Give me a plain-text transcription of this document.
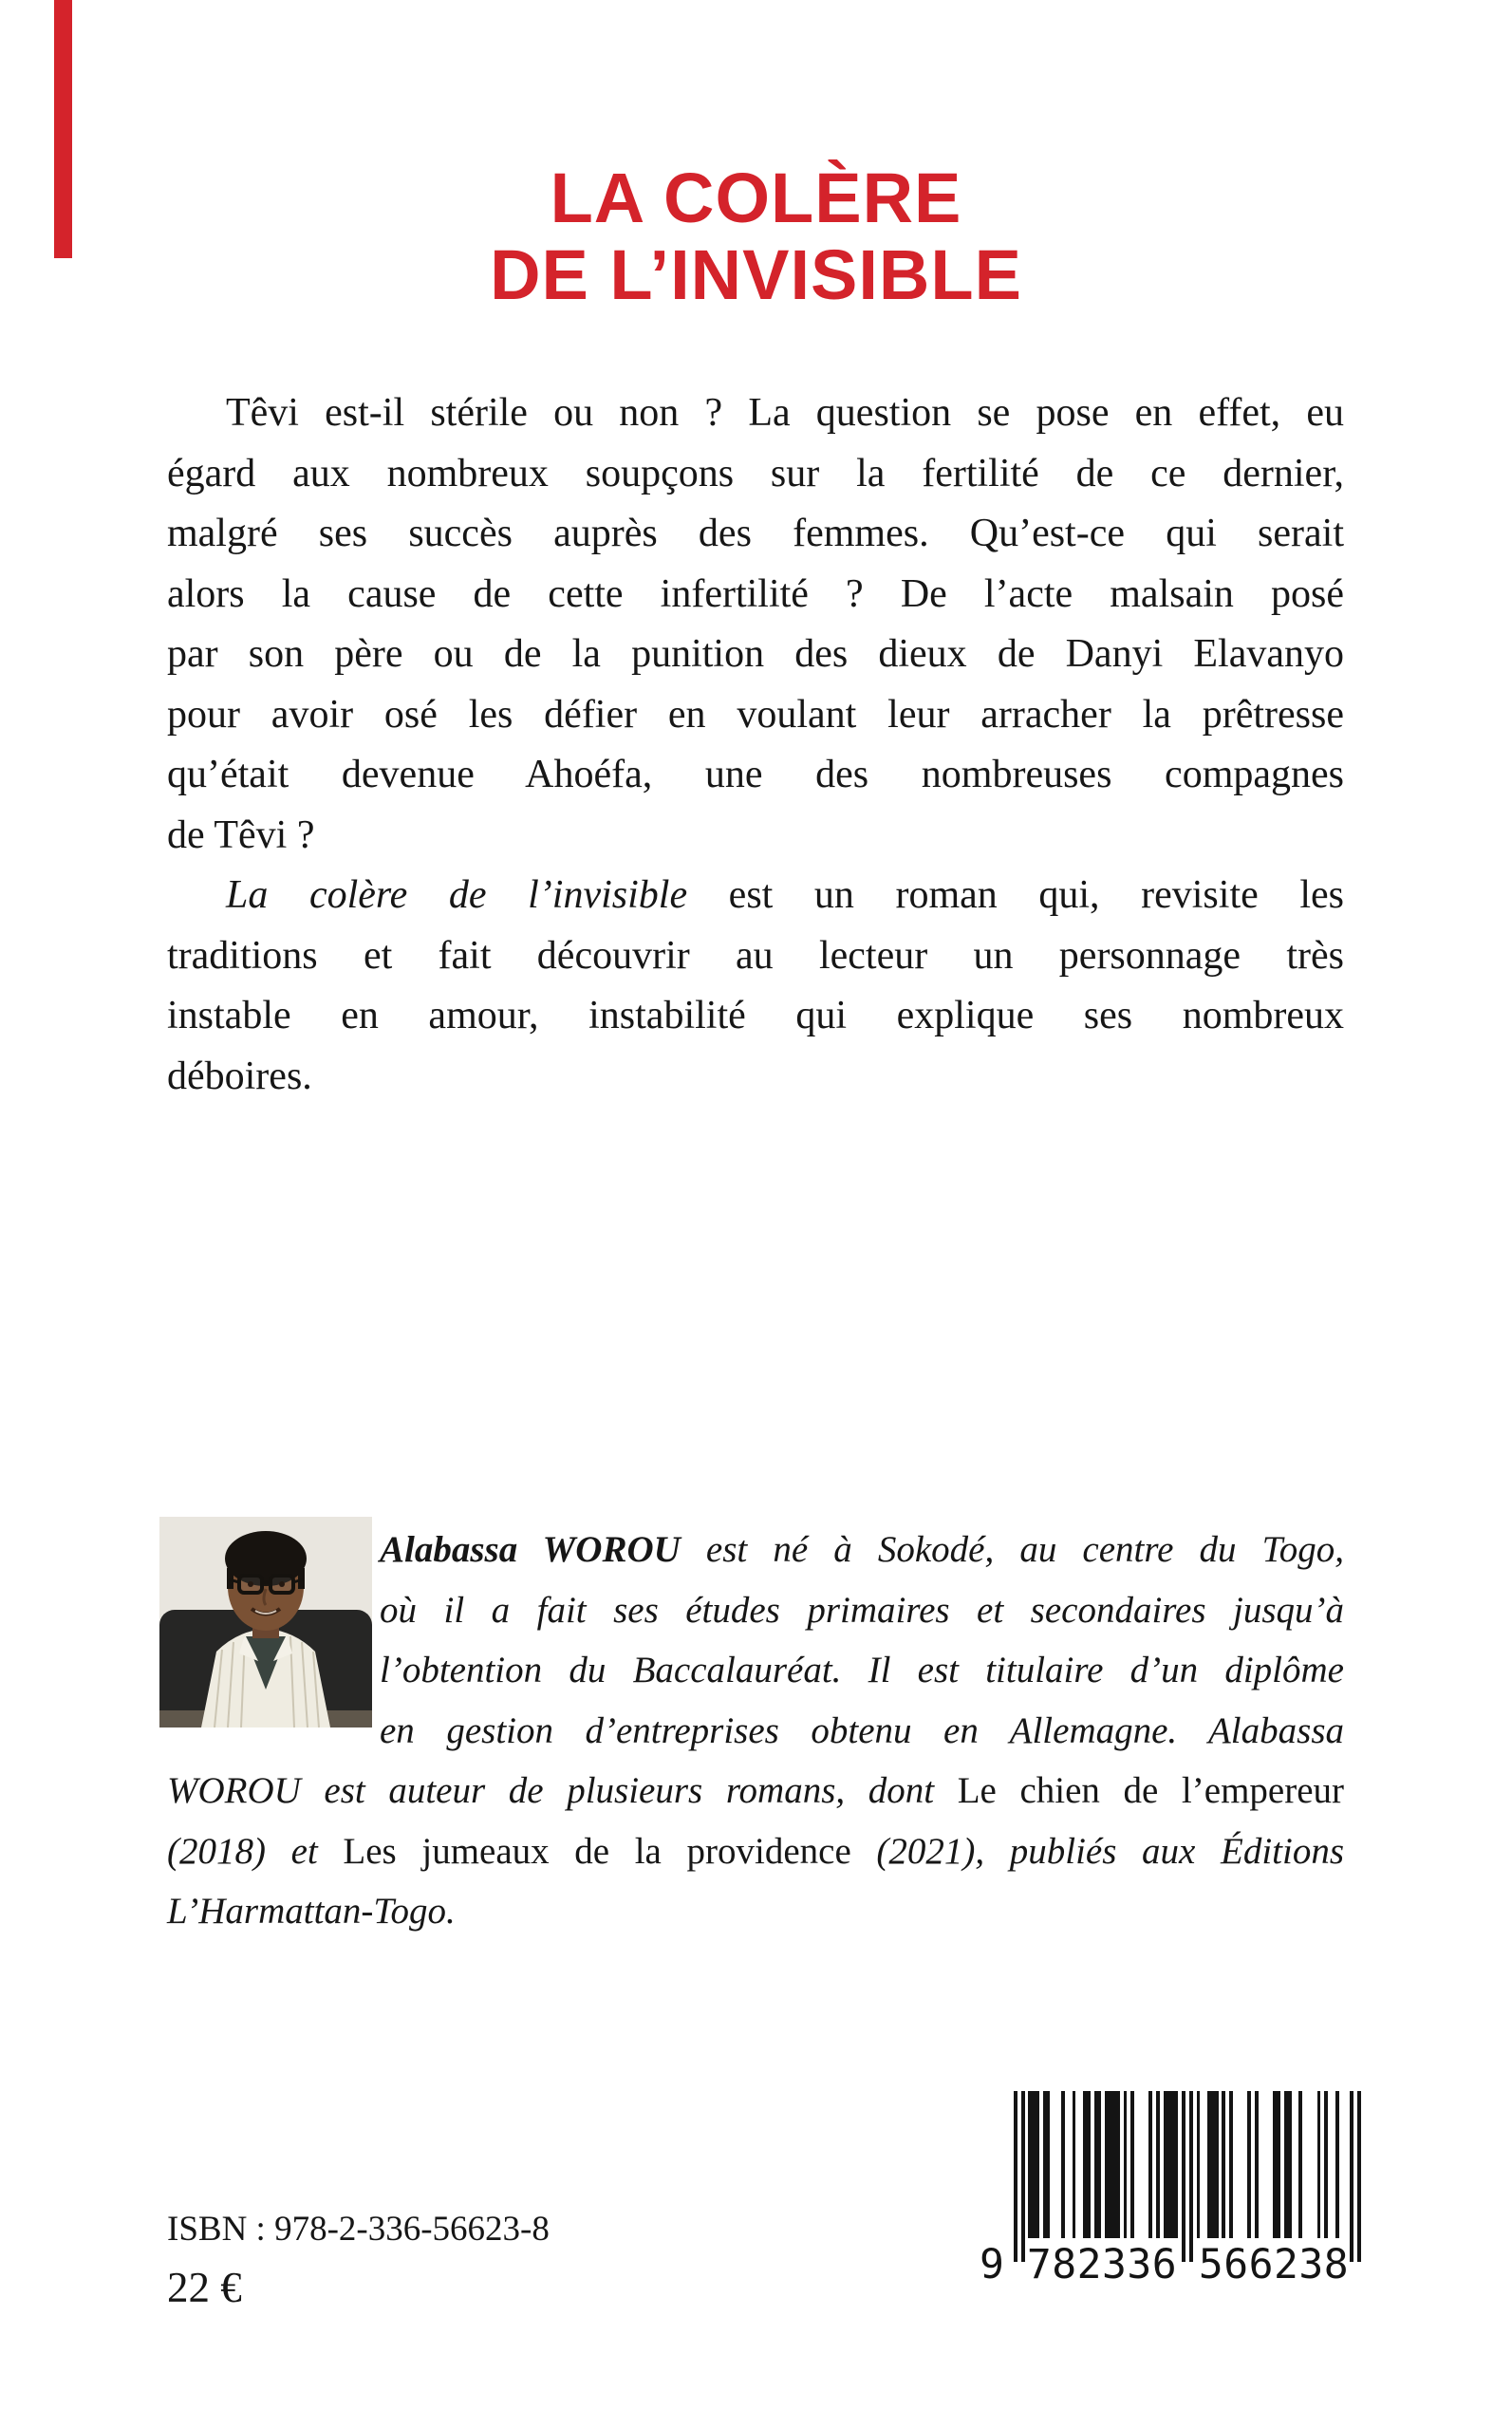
LA COLÈRE
DE L’INVISIBLE
Têvi est-il stérile ou non ? La question se pose en effet, eu
égard aux nombreux soupçons sur la fertilité de ce dernier,
malgré ses succès auprès des femmes. Qu’est-ce qui serait
alors la cause de cette infertilité ? De l’acte malsain posé
par son père ou de la punition des dieux de Danyi Elavanyo
pour avoir osé les défier en voulant leur arracher la prêtresse
qu’était devenue Ahoéfa, une des nombreuses compagnes
de Têvi ?
La colère de l’invisible est un roman qui, revisite les
traditions et fait découvrir au lecteur un personnage très
instable en amour, instabilité qui explique ses nombreux
déboires.
Alabassa WOROU est né à Sokodé, au centre du Togo,
où il a fait ses études primaires et secondaires jusqu’à
l’obtention du Baccalauréat. Il est titulaire d’un diplôme
en gestion d’entreprises obtenu en Allemagne. Alabassa
WOROU est auteur de plusieurs romans, dont Le chien de l’empereur
(2018) et Les jumeaux de la providence (2021), publiés aux Éditions
L’Harmattan-Togo.
ISBN : 978-2-336-56623-8
22 €	9 782336 566238
